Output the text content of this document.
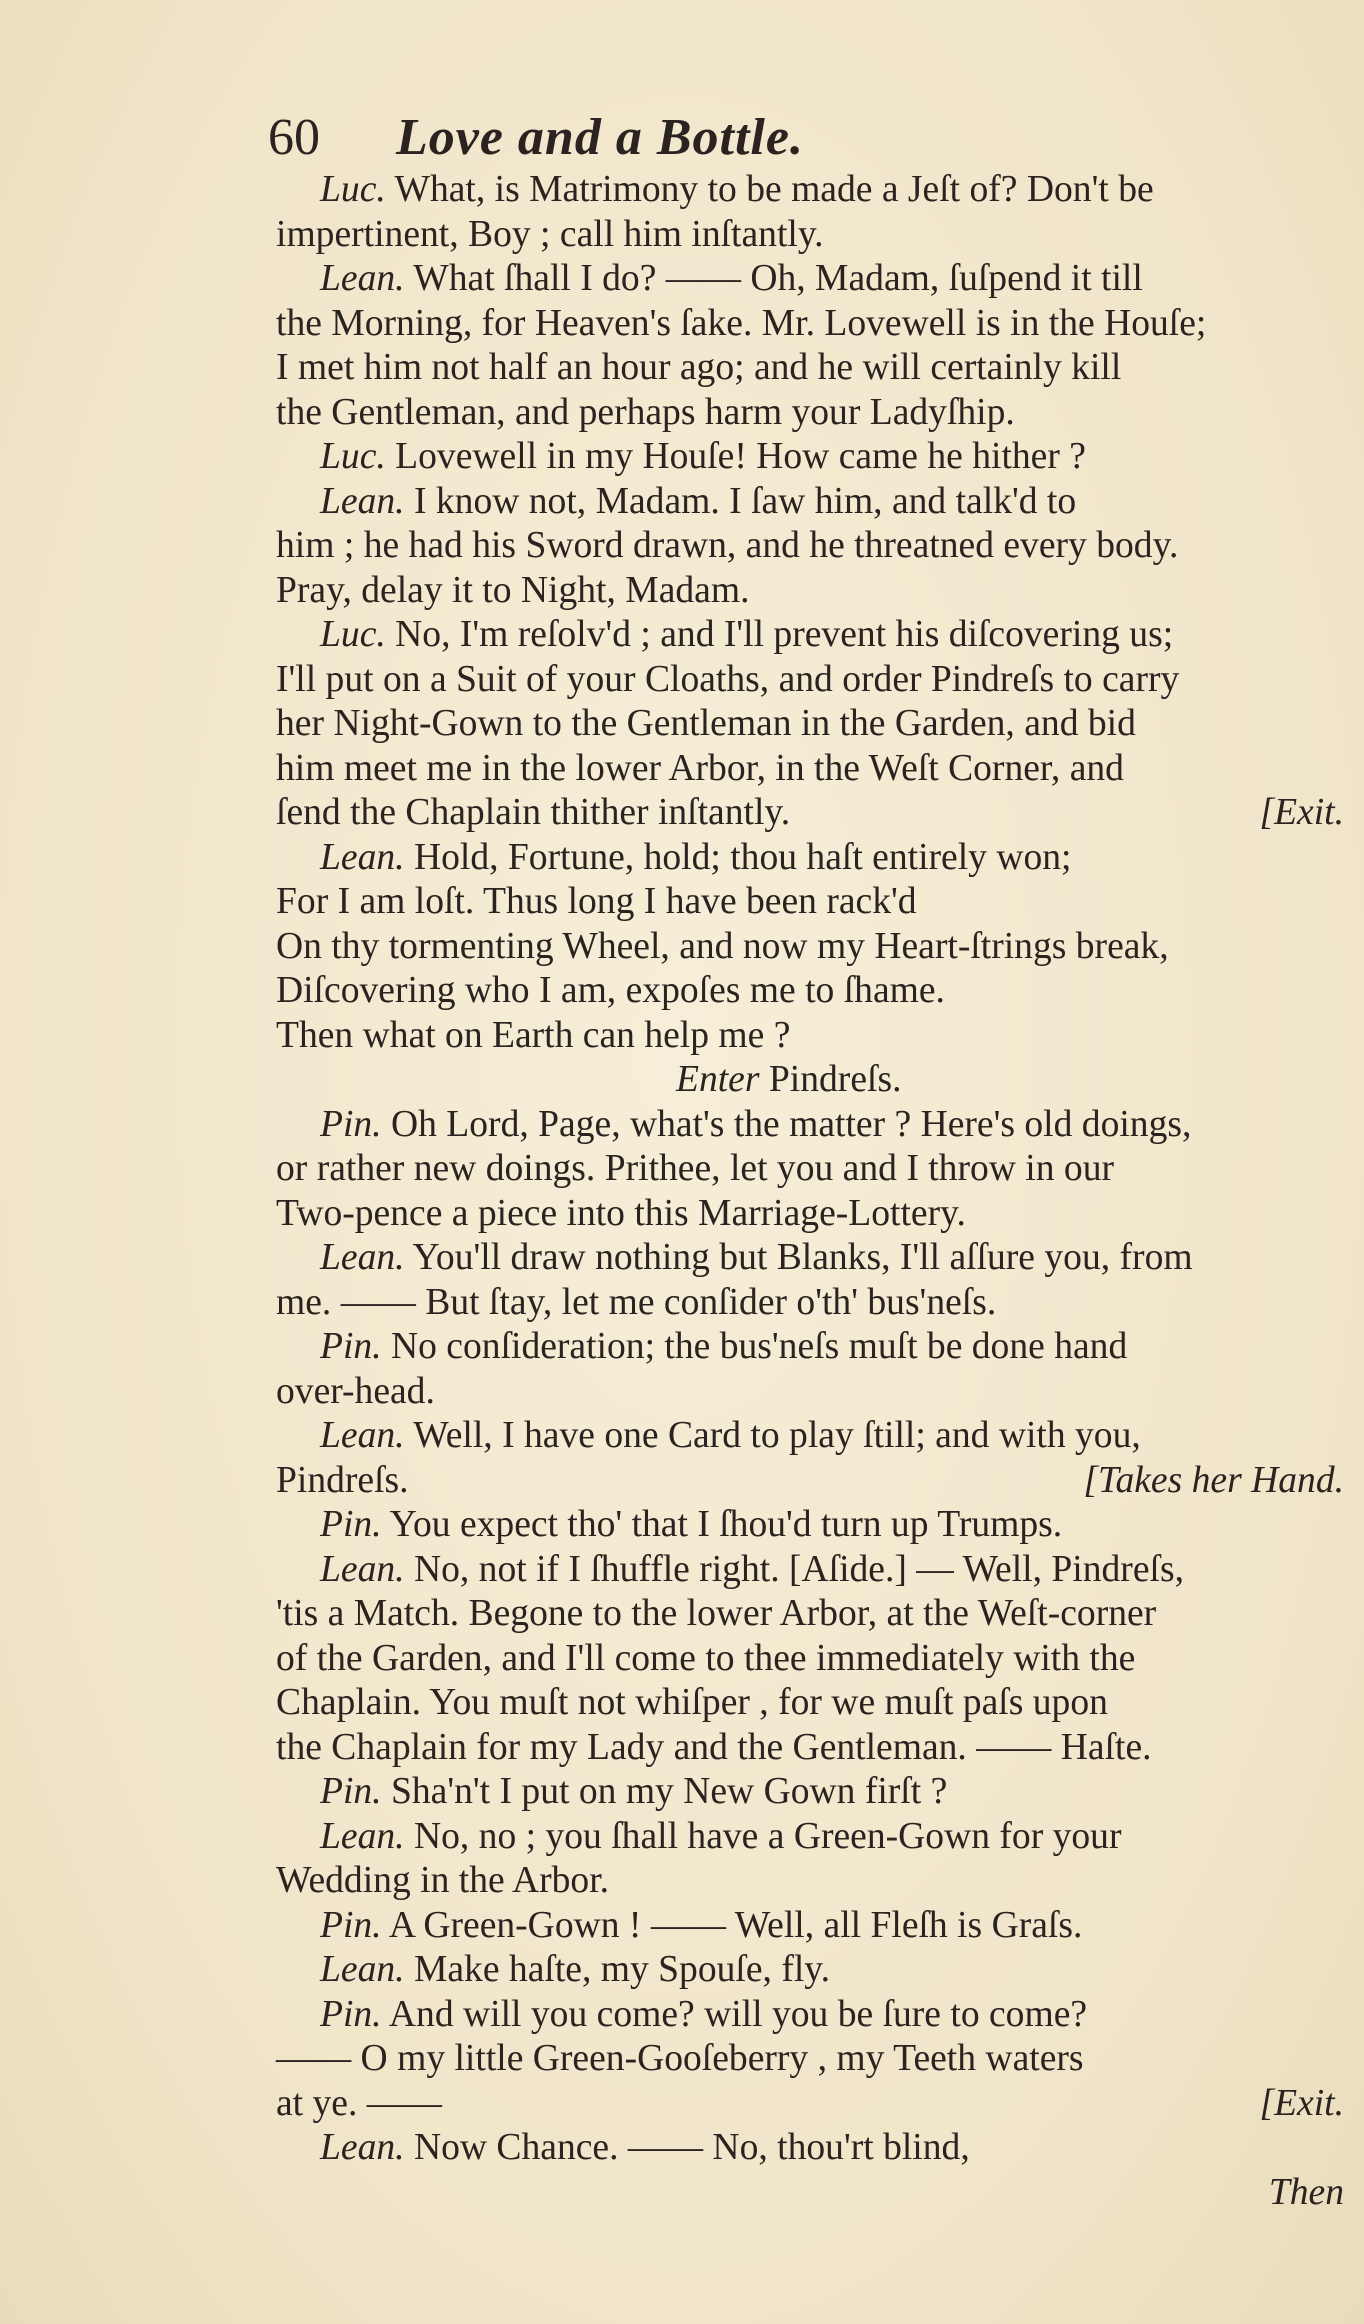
60 Love and a Bottle.
Luc. What, is Matrimony to be made a Jeſt of? Don't be
impertinent, Boy ; call him inſtantly.
Lean. What ſhall I do? —— Oh, Madam, ſuſpend it till
the Morning, for Heaven's ſake. Mr. Lovewell is in the Houſe;
I met him not half an hour ago; and he will certainly kill
the Gentleman, and perhaps harm your Ladyſhip.
Luc. Lovewell in my Houſe! How came he hither ?
Lean. I know not, Madam. I ſaw him, and talk'd to
him ; he had his Sword drawn, and he threatned every body.
Pray, delay it to Night, Madam.
Luc. No, I'm reſolv'd ; and I'll prevent his diſcovering us;
I'll put on a Suit of your Cloaths, and order Pindreſs to carry
her Night-Gown to the Gentleman in the Garden, and bid
him meet me in the lower Arbor, in the Weſt Corner, and
[Exit.
ſend the Chaplain thither inſtantly.
Lean. Hold, Fortune, hold; thou haſt entirely won;
For I am loſt. Thus long I have been rack'd
On thy tormenting Wheel, and now my Heart-ſtrings break,
Diſcovering who I am, expoſes me to ſhame.
Then what on Earth can help me ?
Enter Pindreſs.
Pin. Oh Lord, Page, what's the matter ? Here's old doings,
or rather new doings. Prithee, let you and I throw in our
Two-pence a piece into this Marriage-Lottery.
Lean. You'll draw nothing but Blanks, I'll aſſure you, from
me. —— But ſtay, let me conſider o'th' bus'neſs.
Pin. No conſideration; the bus'neſs muſt be done hand
over-head.
Lean. Well, I have one Card to play ſtill; and with you,
[Takes her Hand.
Pindreſs.
Pin. You expect tho' that I ſhou'd turn up Trumps.
Lean. No, not if I ſhuffle right. [Aſide.] — Well, Pindreſs,
'tis a Match. Begone to the lower Arbor, at the Weſt-corner
of the Garden, and I'll come to thee immediately with the
Chaplain. You muſt not whiſper , for we muſt paſs upon
the Chaplain for my Lady and the Gentleman. —— Haſte.
Pin. Sha'n't I put on my New Gown firſt ?
Lean. No, no ; you ſhall have a Green-Gown for your
Wedding in the Arbor.
Pin. A Green-Gown ! —— Well, all Fleſh is Graſs.
Lean. Make haſte, my Spouſe, fly.
Pin. And will you come? will you be ſure to come?
—— O my little Green-Gooſeberry , my Teeth waters
[Exit.
at ye. ——
Lean. Now Chance. —— No, thou'rt blind,
Then
